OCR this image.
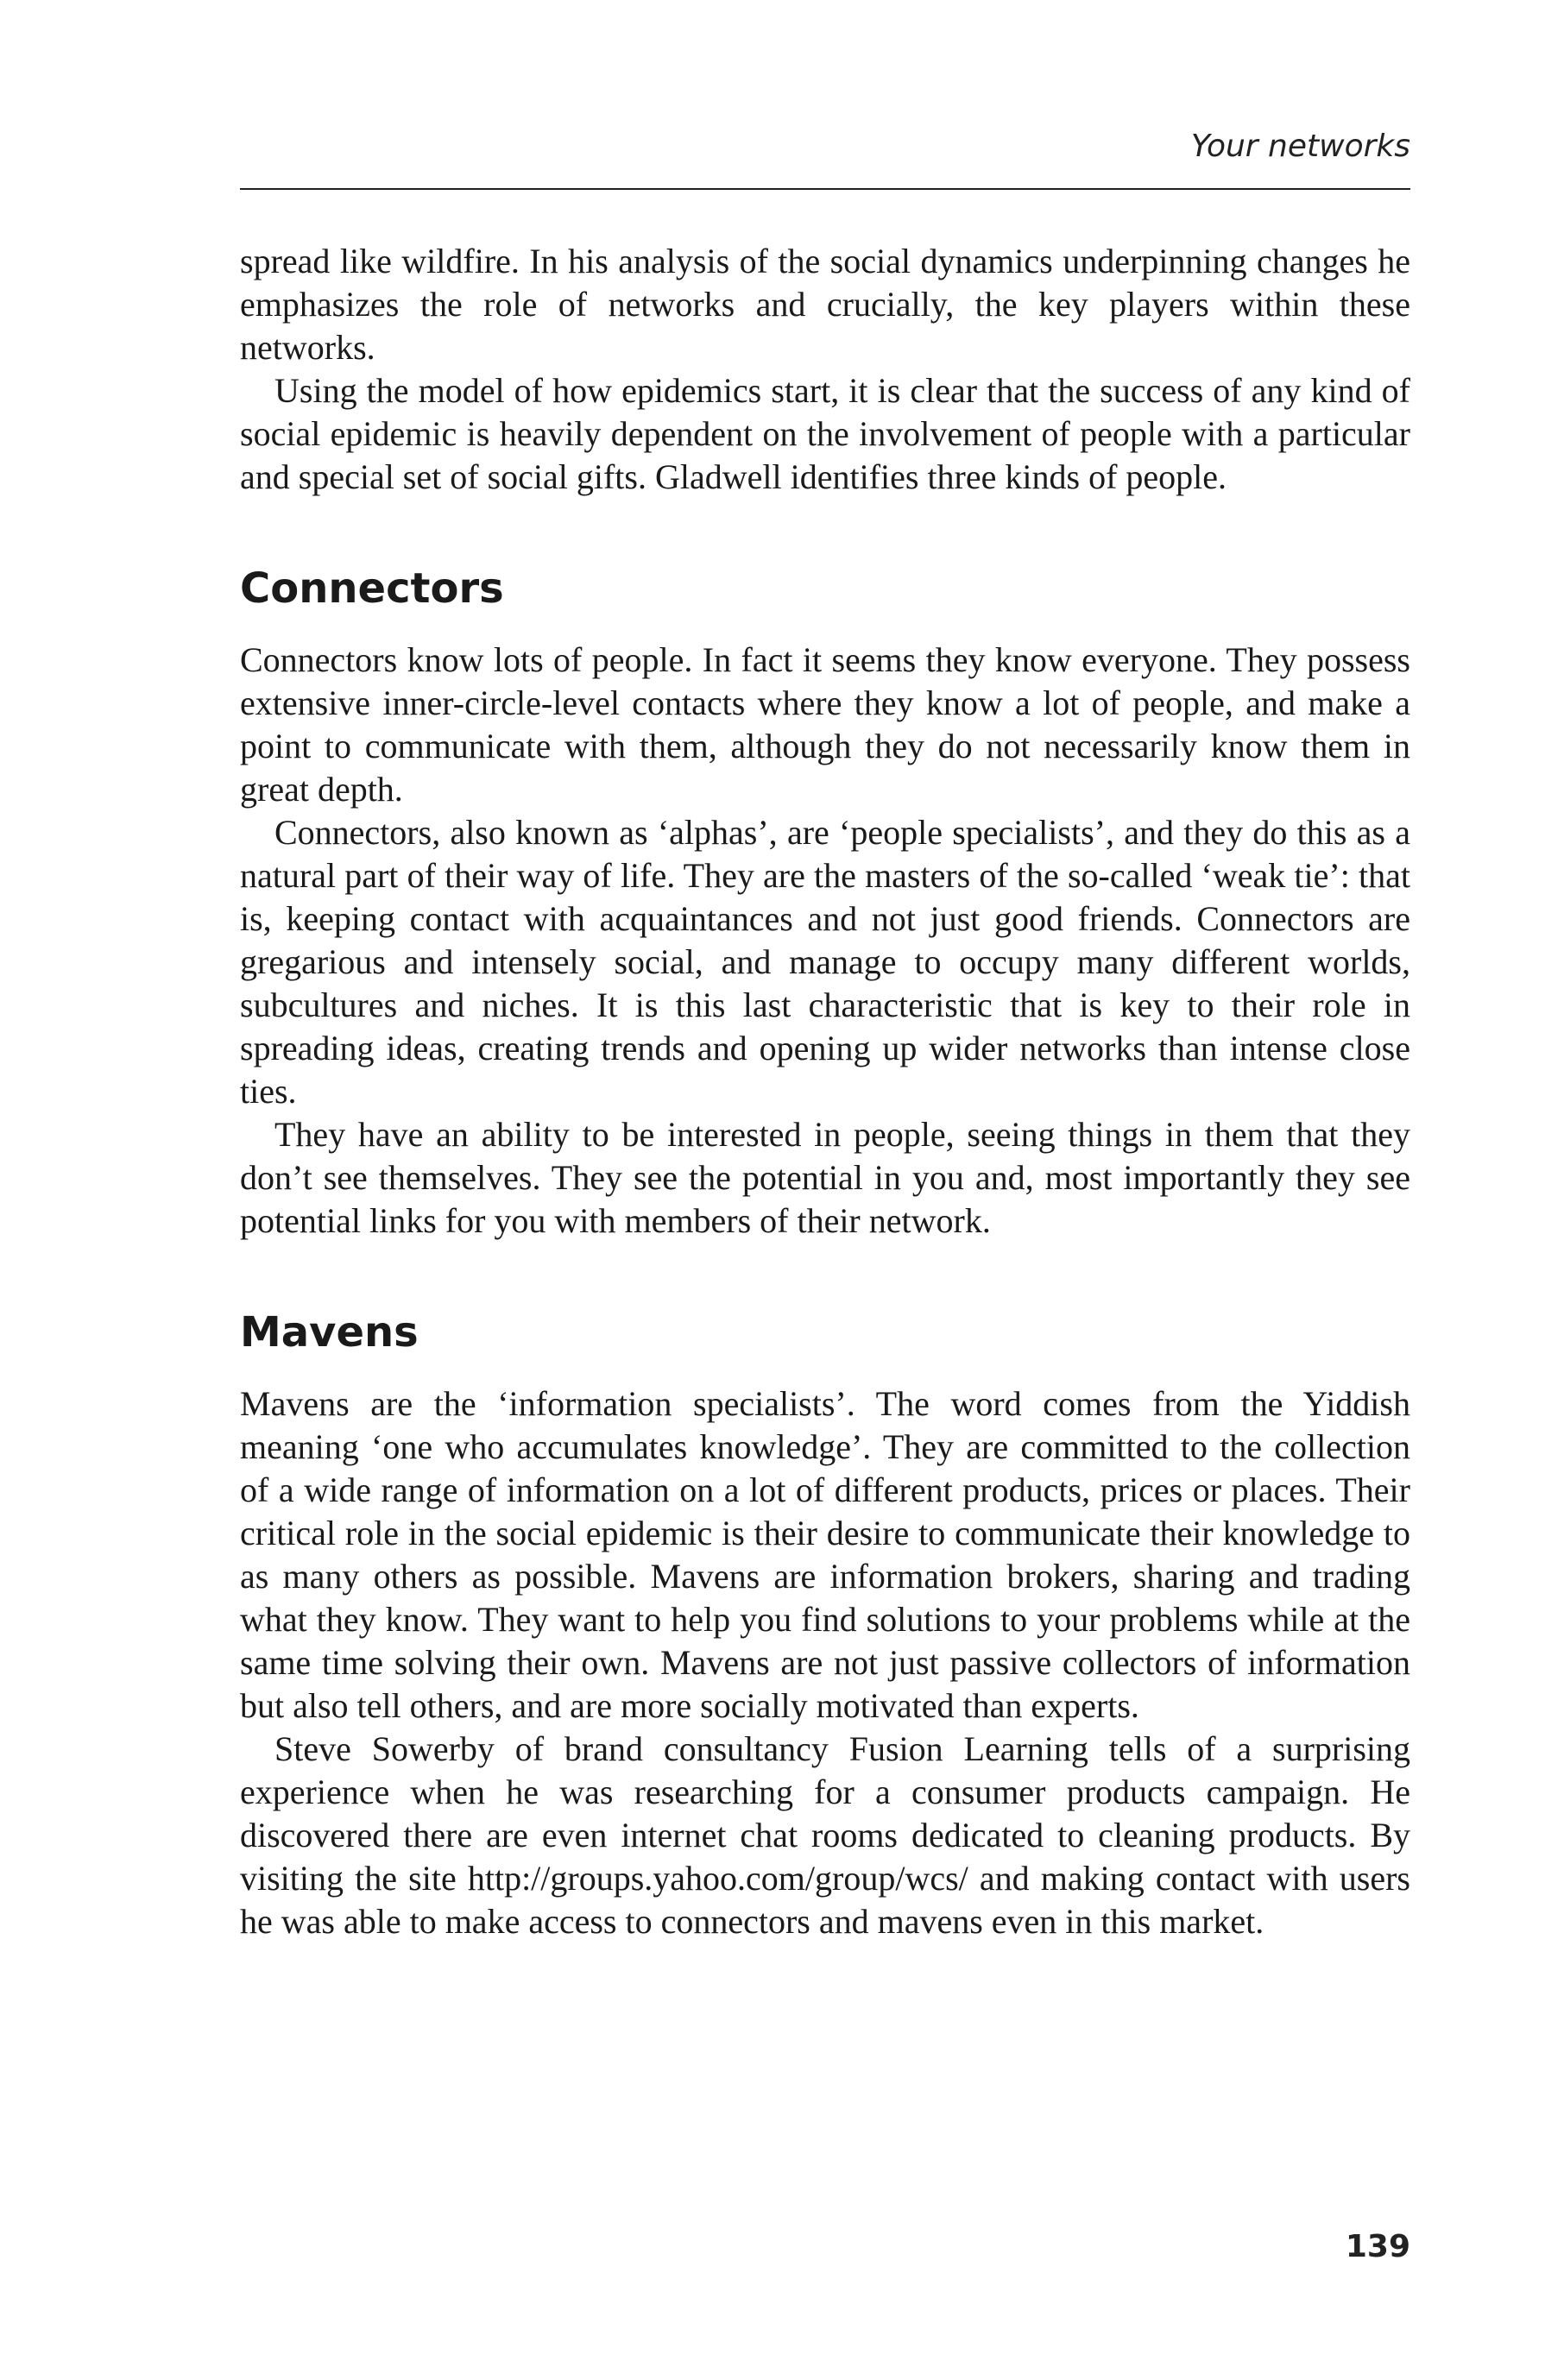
Your networks

spread like wildfire. In his analysis of the social dynamics underpinning changes he emphasizes the role of networks and crucially, the key players within these networks.

Using the model of how epidemics start, it is clear that the success of any kind of social epidemic is heavily dependent on the involvement of people with a particular and special set of social gifts. Gladwell identifies three kinds of people.

Connectors

Connectors know lots of people. In fact it seems they know everyone. They possess extensive inner-circle-level contacts where they know a lot of people, and make a point to communicate with them, although they do not necessarily know them in great depth.

Connectors, also known as ‘alphas’, are ‘people specialists’, and they do this as a natural part of their way of life. They are the masters of the so-called ‘weak tie’: that is, keeping contact with acquaintances and not just good friends. Connectors are gregarious and intensely social, and manage to occupy many different worlds, subcultures and niches. It is this last characteristic that is key to their role in spreading ideas, creating trends and opening up wider networks than intense close ties.

They have an ability to be interested in people, seeing things in them that they don’t see themselves. They see the potential in you and, most importantly they see potential links for you with members of their network.

Mavens

Mavens are the ‘information specialists’. The word comes from the Yiddish meaning ‘one who accumulates knowledge’. They are committed to the collection of a wide range of information on a lot of different products, prices or places. Their critical role in the social epidemic is their desire to communicate their knowledge to as many others as possible. Mavens are information brokers, sharing and trading what they know. They want to help you find solutions to your problems while at the same time solving their own. Mavens are not just passive collectors of information but also tell others, and are more socially motivated than experts.

Steve Sowerby of brand consultancy Fusion Learning tells of a surprising experience when he was researching for a consumer products campaign. He discovered there are even internet chat rooms dedicated to cleaning products. By visiting the site http://groups.yahoo.com/group/wcs/ and making contact with users he was able to make access to connectors and mavens even in this market.

139
